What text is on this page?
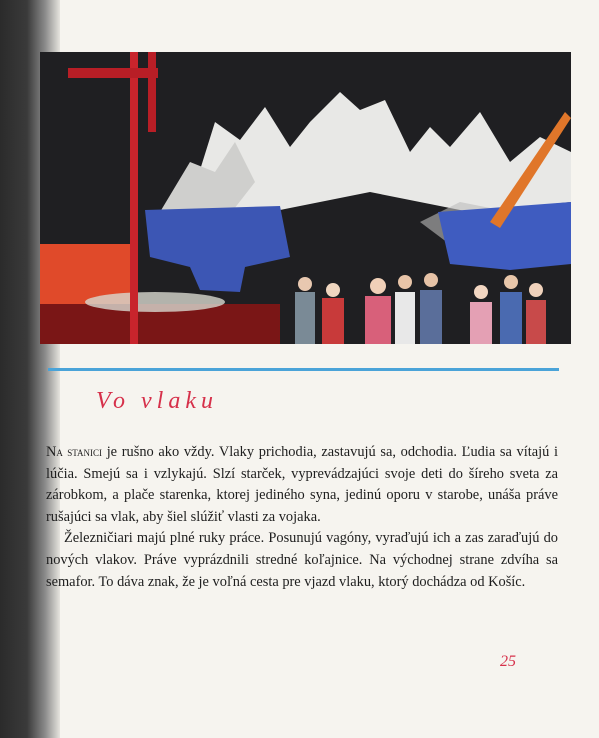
Vo vlaku

Na stanici je rušno ako vždy. Vlaky prichodia, zastavujú sa, odchodia. Ľudia sa vítajú i lúčia. Smejú sa i vzlykajú. Slzí starček, vyprevádzajúci svoje deti do šíreho sveta za zárobkom, a plače starenka, ktorej jediného syna, jedinú oporu v starobe, unáša práve rušajúci sa vlak, aby šiel slúžiť vlasti za vojaka.

Železničiari majú plné ruky práce. Posunujú vagóny, vyraďujú ich a zas zaraďujú do nových vlakov. Práve vyprázdnili stredné koľajnice. Na východnej strane zdvíha sa semafor. To dáva znak, že je voľná cesta pre vjazd vlaku, ktorý dochádza od Košíc.

25
